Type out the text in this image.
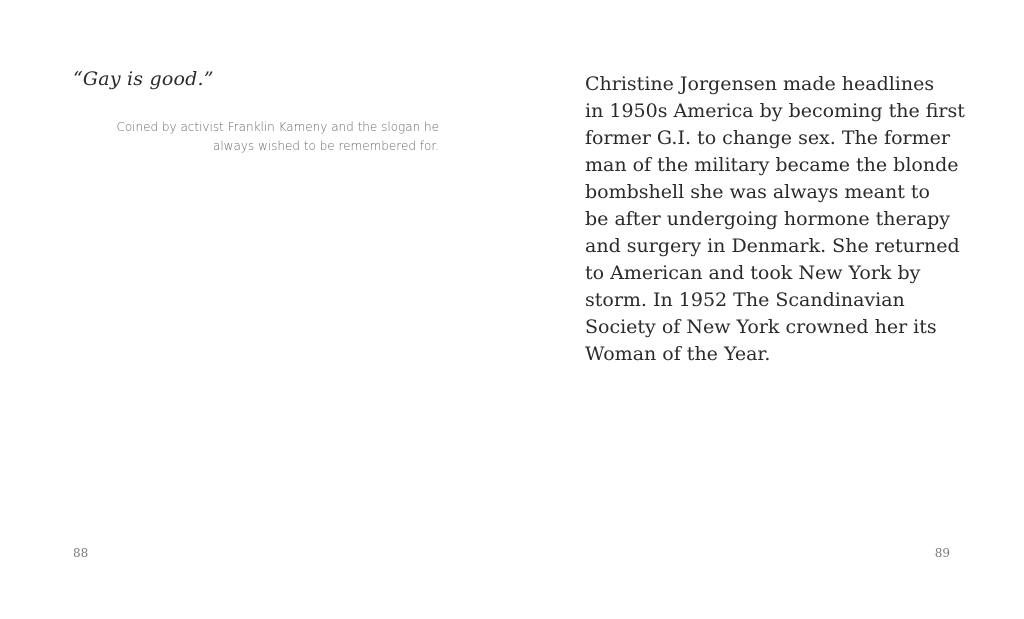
“Gay is good.”

Coined by activist Franklin Kameny and the slogan he
always wished to be remembered for.

88

Christine Jorgensen made headlines
in 1950s America by becoming the first
former G.I. to change sex. The former
man of the military became the blonde
bombshell she was always meant to
be after undergoing hormone therapy
and surgery in Denmark. She returned
to American and took New York by
storm. In 1952 The Scandinavian
Society of New York crowned her its
Woman of the Year.

89
